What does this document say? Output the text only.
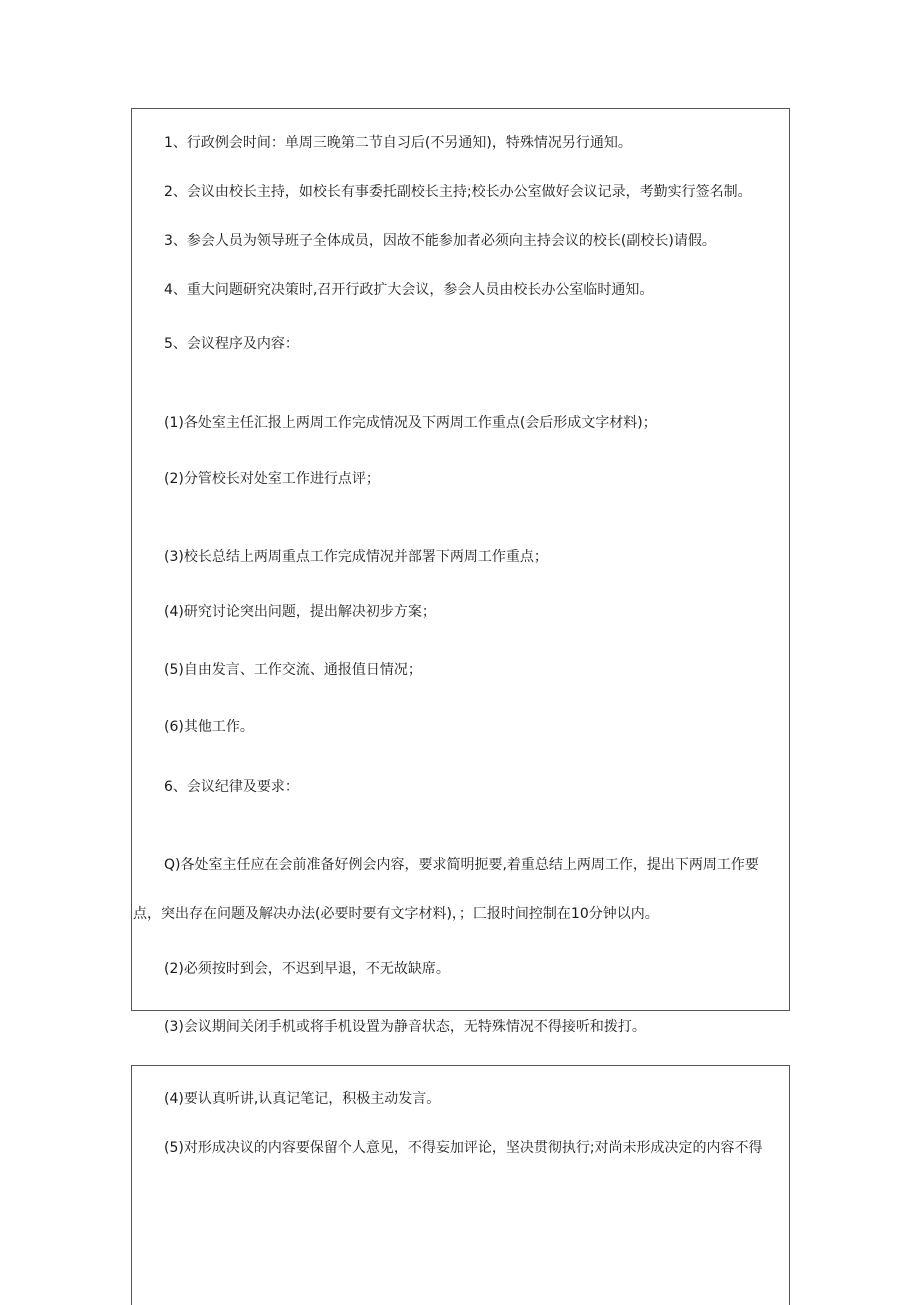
1、行政例会时间：单周三晚第二节自习后(不另通知)，特殊情况另行通知。
2、会议由校长主持，如校长有事委托副校长主持;校长办公室做好会议记录，考勤实行签名制。
3、参会人员为领导班子全体成员，因故不能参加者必须向主持会议的校长(副校长)请假。
4、重大问题研究决策时,召开行政扩大会议，参会人员由校长办公室临时通知。
5、会议程序及内容：
(1)各处室主任汇报上两周工作完成情况及下两周工作重点(会后形成文字材料)；
(2)分管校长对处室工作进行点评；
(3)校长总结上两周重点工作完成情况并部署下两周工作重点；
(4)研究讨论突出问题，提出解决初步方案；
(5)自由发言、工作交流、通报值日情况；
(6)其他工作。
6、会议纪律及要求：
Q)各处室主任应在会前准备好例会内容，要求简明扼要,着重总结上两周工作，提出下两周工作要
点，突出存在问题及解决办法(必要时要有文字材料)，；匚报时间控制在10分钟以内。
(2)必须按时到会，不迟到早退，不无故缺席。
(3)会议期间关闭手机或将手机设置为静音状态，无特殊情况不得接听和拨打。
(4)要认真听讲,认真记笔记，积极主动发言。
(5)对形成决议的内容要保留个人意见，不得妄加评论，坚决贯彻执行;对尚未形成决定的内容不得
